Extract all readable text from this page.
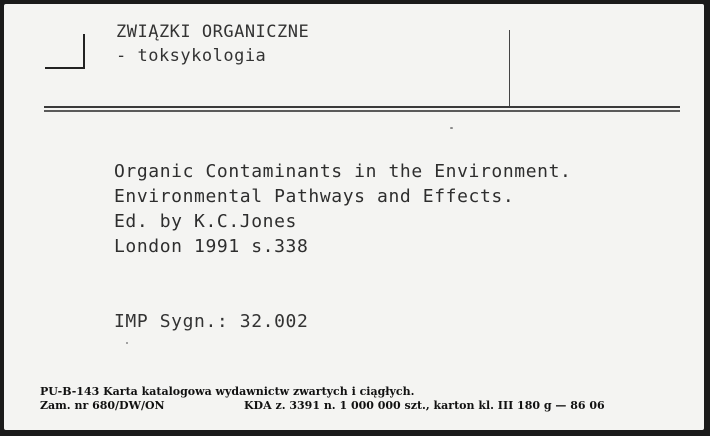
ZWIĄZKI ORGANICZNE
- toksykologia
Organic Contaminants in the Environment.
Environmental Pathways and Effects.
Ed. by K.C.Jones
London 1991 s.338
IMP Sygn.: 32.002
PU-B-143 Karta katalogowa wydawnictw zwartych i ciągłych.
Zam. nr 680/DW/ON	KDA z. 3391 n. 1 000 000 szt., karton kl. III 180 g — 86 06
